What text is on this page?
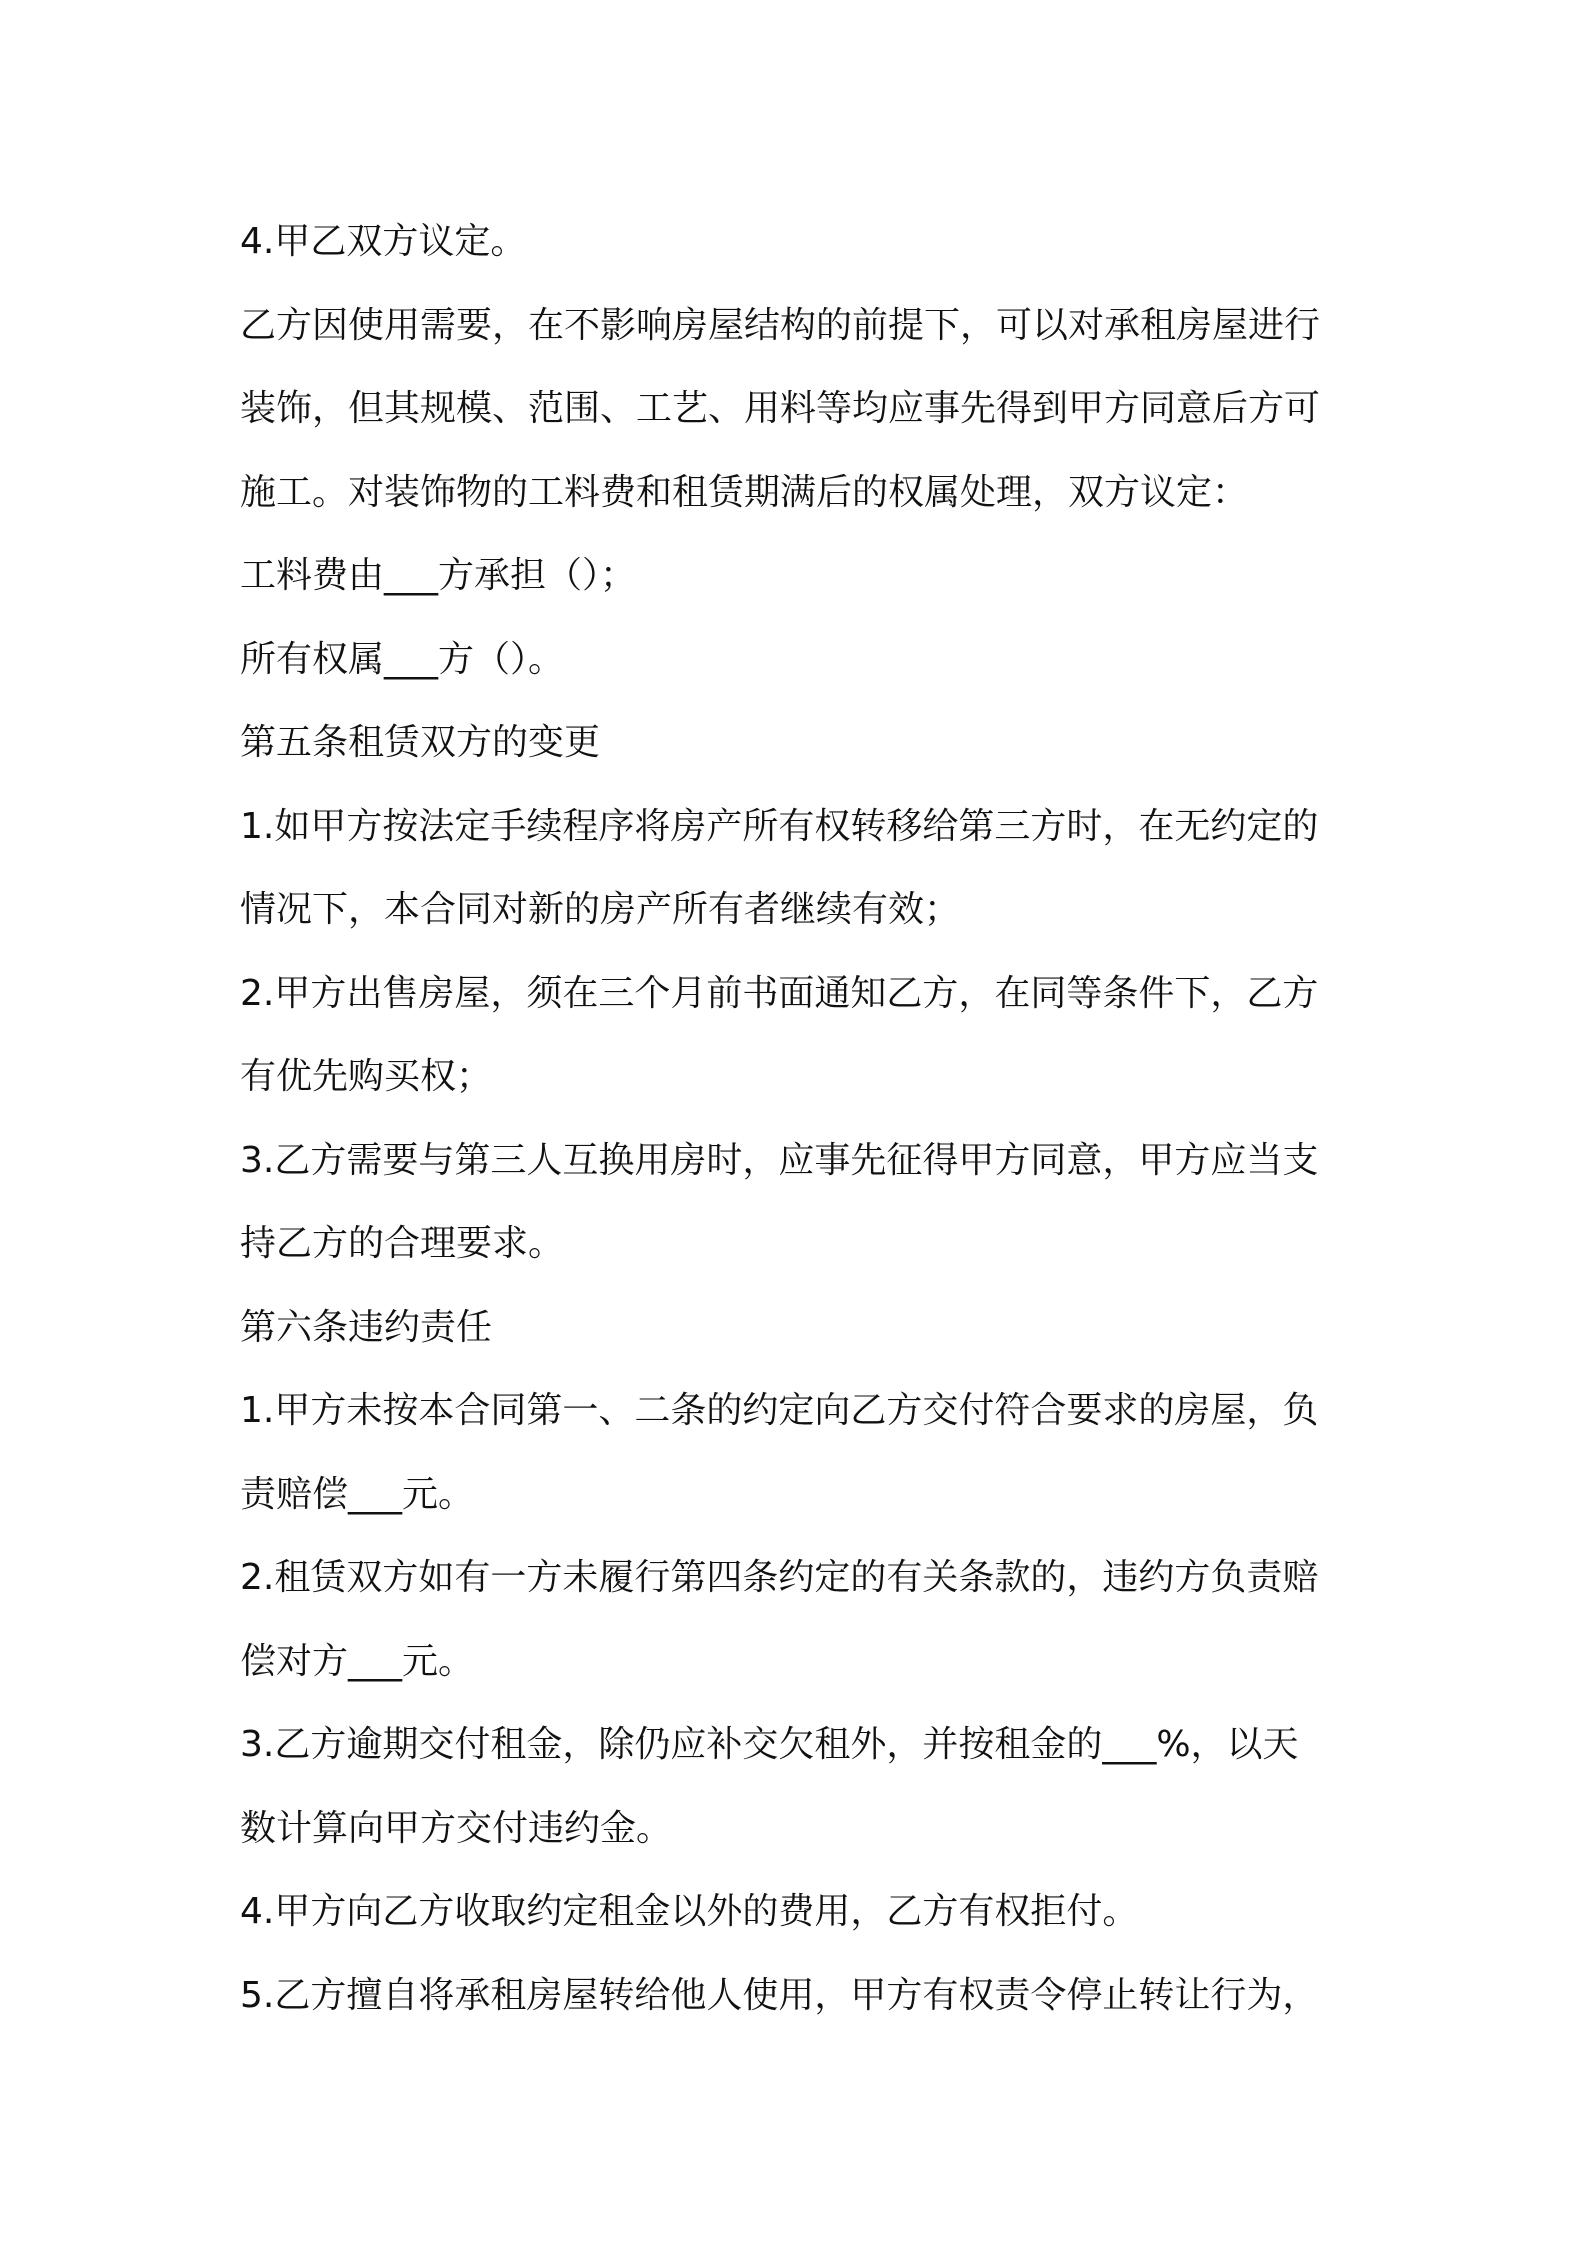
4.甲乙双方议定。
乙方因使用需要，在不影响房屋结构的前提下，可以对承租房屋进行
装饰，但其规模、范围、工艺、用料等均应事先得到甲方同意后方可
施工。对装饰物的工料费和租赁期满后的权属处理，双方议定：
工料费由___方承担（）；
所有权属___方（）。
第五条租赁双方的变更
1.如甲方按法定手续程序将房产所有权转移给第三方时，在无约定的
情况下，本合同对新的房产所有者继续有效；
2.甲方出售房屋，须在三个月前书面通知乙方，在同等条件下，乙方
有优先购买权；
3.乙方需要与第三人互换用房时，应事先征得甲方同意，甲方应当支
持乙方的合理要求。
第六条违约责任
1.甲方未按本合同第一、二条的约定向乙方交付符合要求的房屋，负
责赔偿___元。
2.租赁双方如有一方未履行第四条约定的有关条款的，违约方负责赔
偿对方___元。
3.乙方逾期交付租金，除仍应补交欠租外，并按租金的___%，以天
数计算向甲方交付违约金。
4.甲方向乙方收取约定租金以外的费用，乙方有权拒付。
5.乙方擅自将承租房屋转给他人使用，甲方有权责令停止转让行为，
